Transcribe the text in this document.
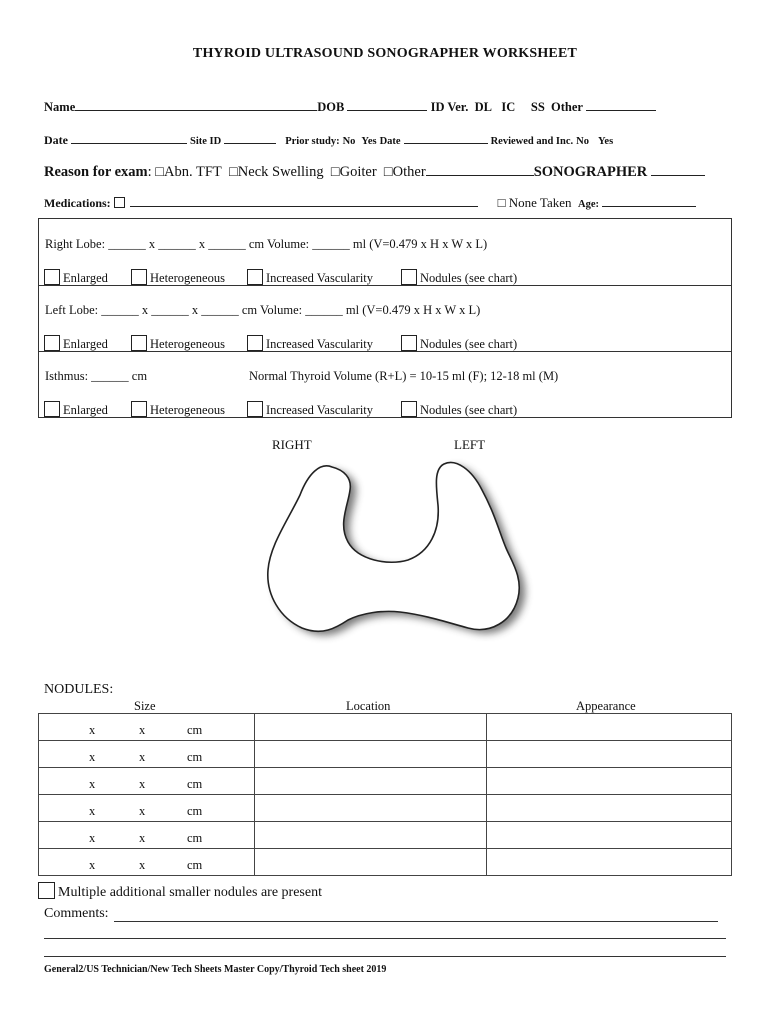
THYROID ULTRASOUND SONOGRAPHER WORKSHEET
Name	DOB	ID Ver. DL IC SS Other
Date	Site ID	Prior study: No Yes Date	Reviewed and Inc. No Yes
Reason for exam: □Abn. TFT □Neck Swelling □Goiter □Other	SONOGRAPHER
Medications:	□ None Taken Age:
Right Lobe: ______ x ______ x ______ cm Volume: ______ ml (V=0.479 x H x W x L)
Enlarged	Heterogeneous	Increased Vascularity	Nodules (see chart)
Left Lobe: ______ x ______ x ______ cm Volume: ______ ml (V=0.479 x H x W x L)
Enlarged	Heterogeneous	Increased Vascularity	Nodules (see chart)
Isthmus: ______ cm	Normal Thyroid Volume (R+L) = 10-15 ml (F); 12-18 ml (M)
Enlarged	Heterogeneous	Increased Vascularity	Nodules (see chart)
RIGHT	LEFT
NODULES:
Size	Location	Appearance
x x cm		

x x cm		

x x cm		

x x cm		

x x cm		

x x cm		

Multiple additional smaller nodules are present
Comments:
General2/US Technician/New Tech Sheets Master Copy/Thyroid Tech sheet 2019
